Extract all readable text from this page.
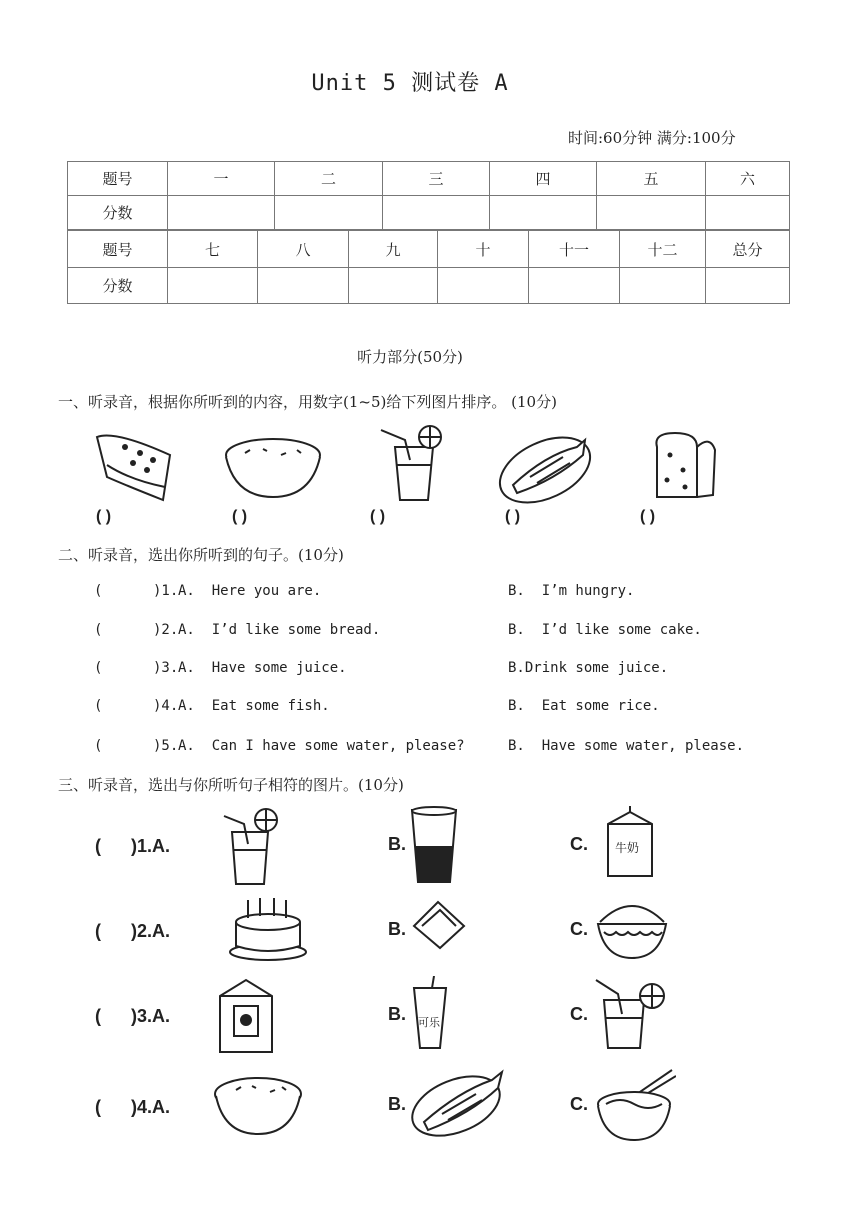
Unit 5 测试卷 A
时间:60分钟 满分:100分
题号	一	二	三	四	五	六
分数						
题号	七	八	九	十	十一	十二	总分
分数							
听力部分(50分)
一、听录音，根据你所听到的内容，用数字(1~5)给下列图片排序。 (10分)
( )	( )	( )	( )	( )
二、听录音，选出你所听到的句子。(10分)
(      )1. A.  Here you are.	B.  I’m hungry.
(      )2. A.  I’d like some bread.	B.  I’d like some cake.
(      )3. A.  Have some juice.	B.Drink some juice.
(      )4. A.  Eat some fish.	B.  Eat some rice.
(      )5. A.  Can I have some water, please?	B.  Have some water, please.
三、听录音，选出与你所听句子相符的图片。(10分)
(      )1.A.	B.	C. 牛奶
(      )2.A.	B.	C.
(      )3.A.	B. 可乐	C.
(      )4.A.	B.	C.
